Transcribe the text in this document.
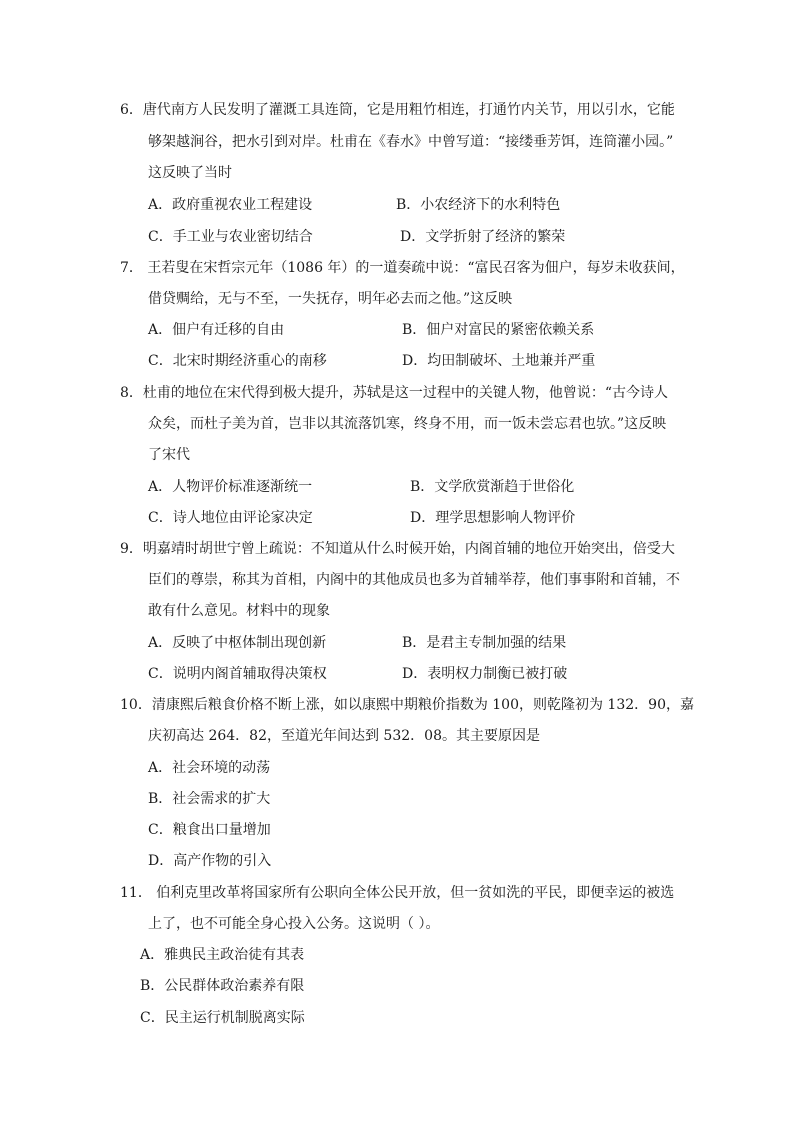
6．唐代南方人民发明了灌溉工具连筒，它是用粗竹相连，打通竹内关节，用以引水，它能
够架越涧谷，把水引到对岸。杜甫在《春水》中曾写道：“接缕垂芳饵，连筒灌小园。”
这反映了当时
A．政府重视农业工程建设	B．小农经济下的水利特色
C．手工业与农业密切结合	D．文学折射了经济的繁荣
7． 王若叟在宋哲宗元年（1086 年）的一道奏疏中说：“富民召客为佃户，每岁未收获间，
借贷赒给，无与不至，一失抚存，明年必去而之他。”这反映
A．佃户有迁移的自由	B．佃户对富民的紧密依赖关系
C．北宋时期经济重心的南移	D．均田制破坏、土地兼并严重
8．杜甫的地位在宋代得到极大提升，苏轼是这一过程中的关键人物，他曾说：“古今诗人
众矣，而杜子美为首，岂非以其流落饥寒，终身不用，而一饭未尝忘君也欤。”这反映
了宋代
A．人物评价标准逐渐统一	B．文学欣赏渐趋于世俗化
C．诗人地位由评论家决定	D．理学思想影响人物评价
9．明嘉靖时胡世宁曾上疏说：不知道从什么时候开始，内阁首辅的地位开始突出，倍受大
臣们的尊崇，称其为首相，内阁中的其他成员也多为首辅举荐，他们事事附和首辅，不
敢有什么意见。材料中的现象
A．反映了中枢体制出现创新	B．是君主专制加强的结果
C．说明内阁首辅取得决策权	D．表明权力制衡已被打破
10．清康熙后粮食价格不断上涨，如以康熙中期粮价指数为 100，则乾隆初为 132．90，嘉
庆初高达 264．82，至道光年间达到 532．08。其主要原因是
A．社会环境的动荡
B．社会需求的扩大
C．粮食出口量增加
D．高产作物的引入
11． 伯利克里改革将国家所有公职向全体公民开放，但一贫如洗的平民，即便幸运的被选
上了，也不可能全身心投入公务。这说明（ ）。
A．雅典民主政治徒有其表
B．公民群体政治素养有限
C．民主运行机制脱离实际
